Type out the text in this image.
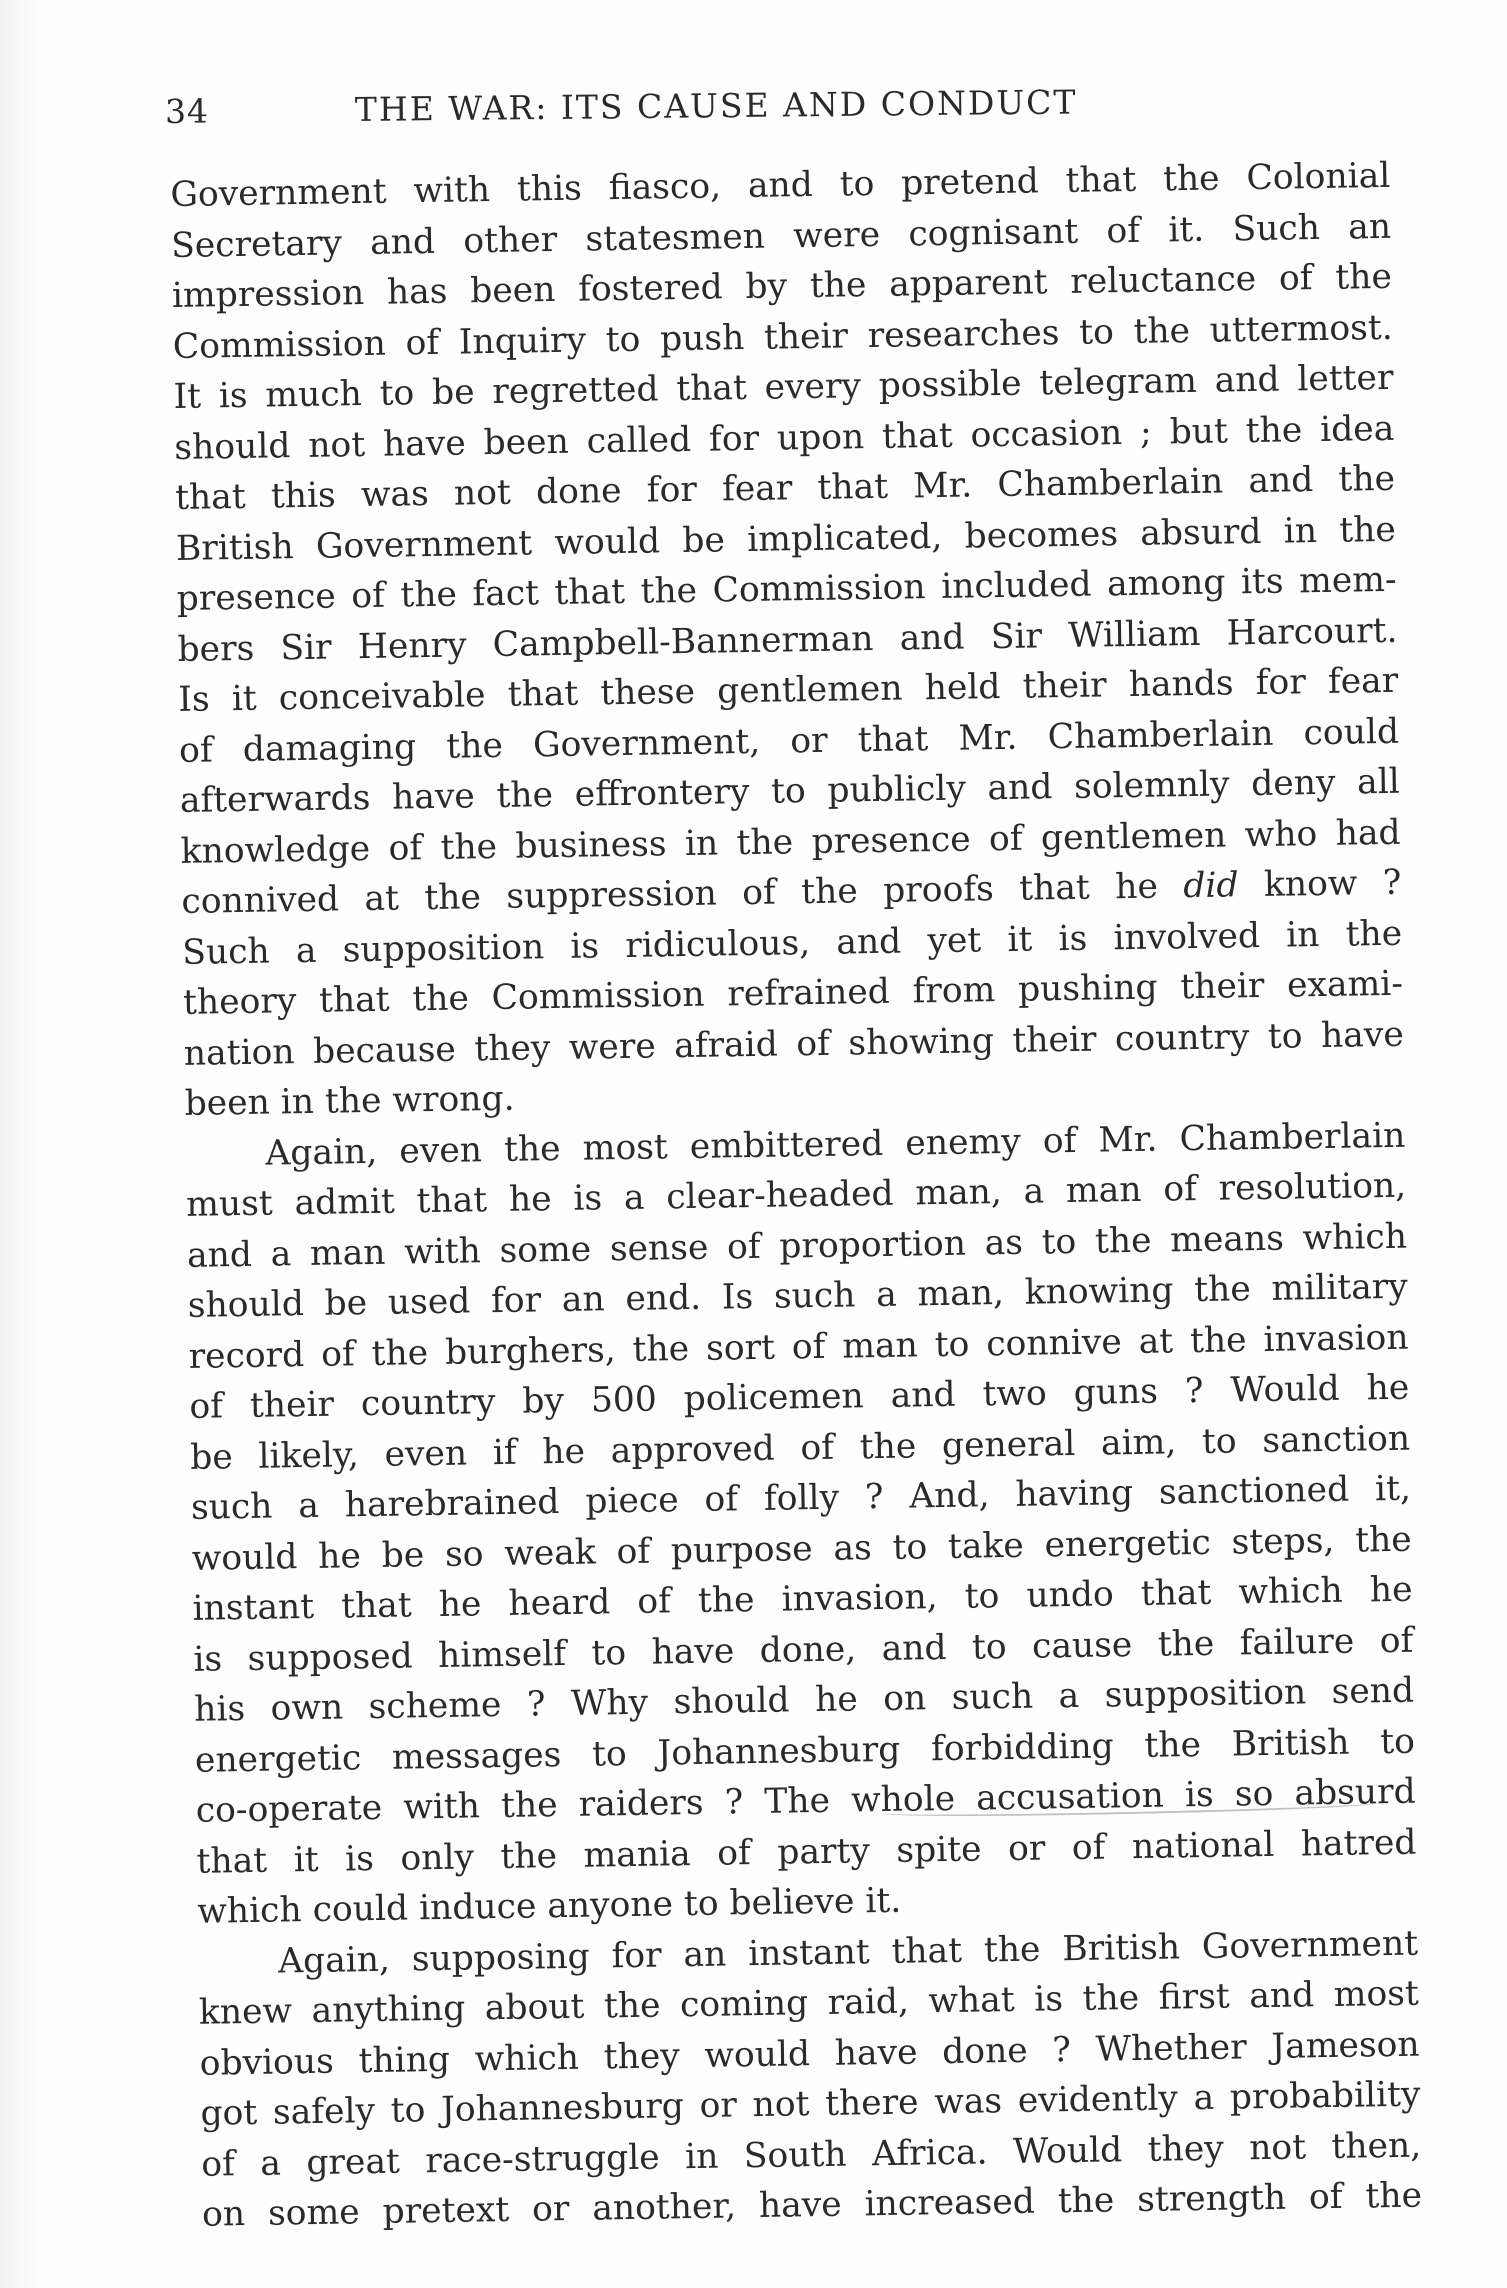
34	THE WAR: ITS CAUSE AND CONDUCT
Government with this fiasco, and to pretend that the Colonial
Secretary and other statesmen were cognisant of it. Such an
impression has been fostered by the apparent reluctance of the
Commission of Inquiry to push their researches to the uttermost.
It is much to be regretted that every possible telegram and letter
should not have been called for upon that occasion ; but the idea
that this was not done for fear that Mr. Chamberlain and the
British Government would be implicated, becomes absurd in the
presence of the fact that the Commission included among its mem-
bers Sir Henry Campbell-Bannerman and Sir William Harcourt.
Is it conceivable that these gentlemen held their hands for fear
of damaging the Government, or that Mr. Chamberlain could
afterwards have the effrontery to publicly and solemnly deny all
knowledge of the business in the presence of gentlemen who had
connived at the suppression of the proofs that he did know ?
Such a supposition is ridiculous, and yet it is involved in the
theory that the Commission refrained from pushing their exami-
nation because they were afraid of showing their country to have
been in the wrong.
Again, even the most embittered enemy of Mr. Chamberlain
must admit that he is a clear-headed man, a man of resolution,
and a man with some sense of proportion as to the means which
should be used for an end. Is such a man, knowing the military
record of the burghers, the sort of man to connive at the invasion
of their country by 500 policemen and two guns ? Would he
be likely, even if he approved of the general aim, to sanction
such a harebrained piece of folly ? And, having sanctioned it,
would he be so weak of purpose as to take energetic steps, the
instant that he heard of the invasion, to undo that which he
is supposed himself to have done, and to cause the failure of
his own scheme ? Why should he on such a supposition send
energetic messages to Johannesburg forbidding the British to
co-operate with the raiders ? The whole accusation is so absurd
that it is only the mania of party spite or of national hatred
which could induce anyone to believe it.
Again, supposing for an instant that the British Government
knew anything about the coming raid, what is the first and most
obvious thing which they would have done ? Whether Jameson
got safely to Johannesburg or not there was evidently a probability
of a great race-struggle in South Africa. Would they not then,
on some pretext or another, have increased the strength of the
